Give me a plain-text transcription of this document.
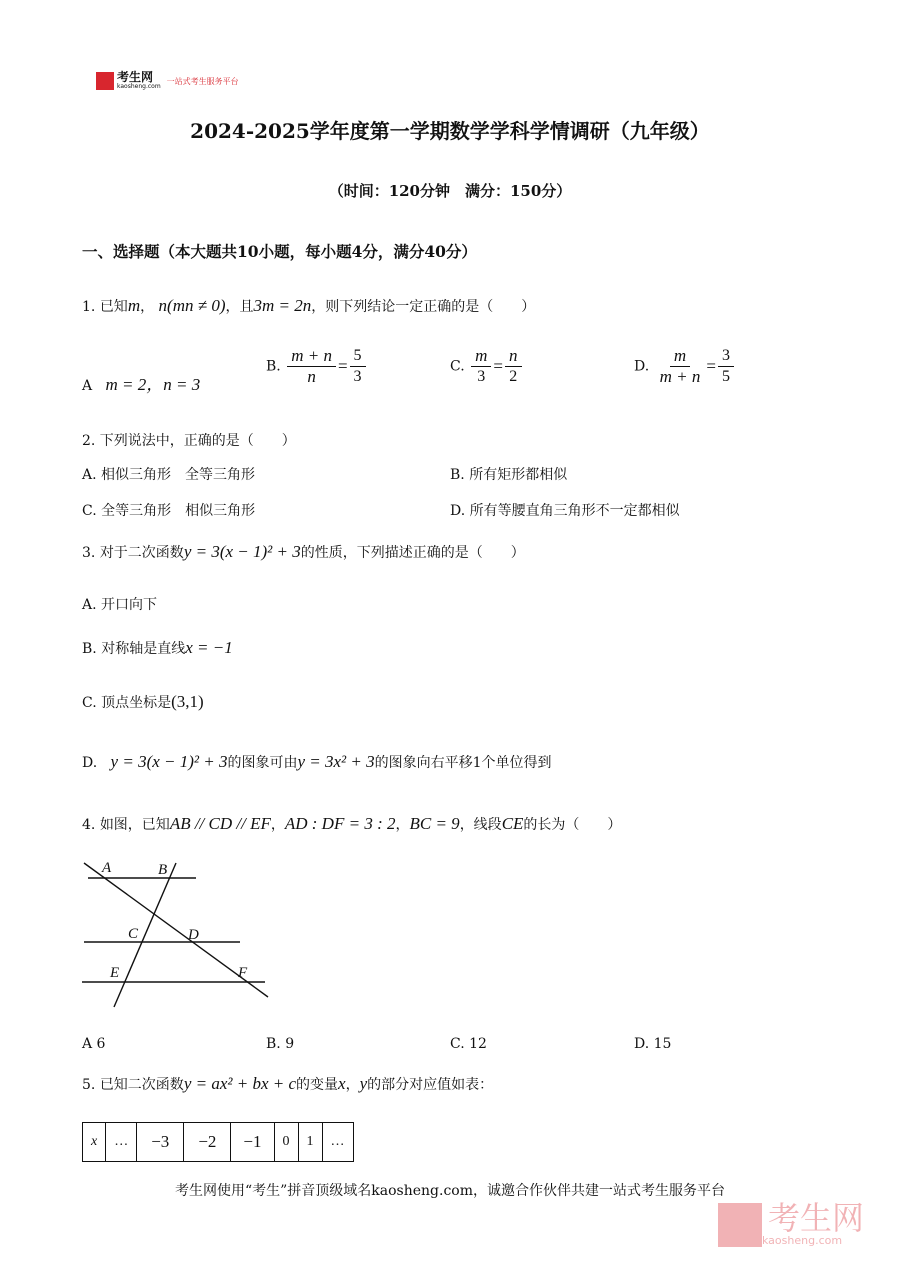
考生网
kaosheng.com
一站式考生服务平台
2024-2025学年度第一学期数学学科学情调研（九年级）
（时间：120分钟　满分：150分）
一、选择题（本大题共10小题，每小题4分，满分40分）
1. 已知m， n(mn ≠ 0)，且3m = 2n，则下列结论一定正确的是（　　）
A m = 2，n = 3
B. $\frac{m + n}{n} = \frac{5}{3}$	C. $\frac{m}{3} = \frac{n}{2}$	D. $\frac{m}{m + n} = \frac{3}{5}$
2. 下列说法中，正确的是（　　）
A. 相似三角形　全等三角形	B. 所有矩形都相似
C. 全等三角形　相似三角形	D. 所有等腰直角三角形不一定都相似
3. 对于二次函数y = 3(x − 1)² + 3的性质，下列描述正确的是（　　）
A. 开口向下
B. 对称轴是直线x = −1
C. 顶点坐标是(3,1)
D. y = 3(x − 1)² + 3的图象可由y = 3x² + 3的图象向右平移1个单位得到
4. 如图，已知AB // CD // EF，AD : DF = 3 : 2，BC = 9，线段CE的长为（　　）
A	B
C	D
E	F
A 6	B. 9	C. 12	D. 15
5. 已知二次函数y = ax² + bx + c的变量x，y的部分对应值如表：
x	…	−3	−2	−1	0	1	…
考生网使用“考生”拼音顶级域名kaosheng.com，诚邀合作伙伴共建一站式考生服务平台
考生网
kaosheng.com
